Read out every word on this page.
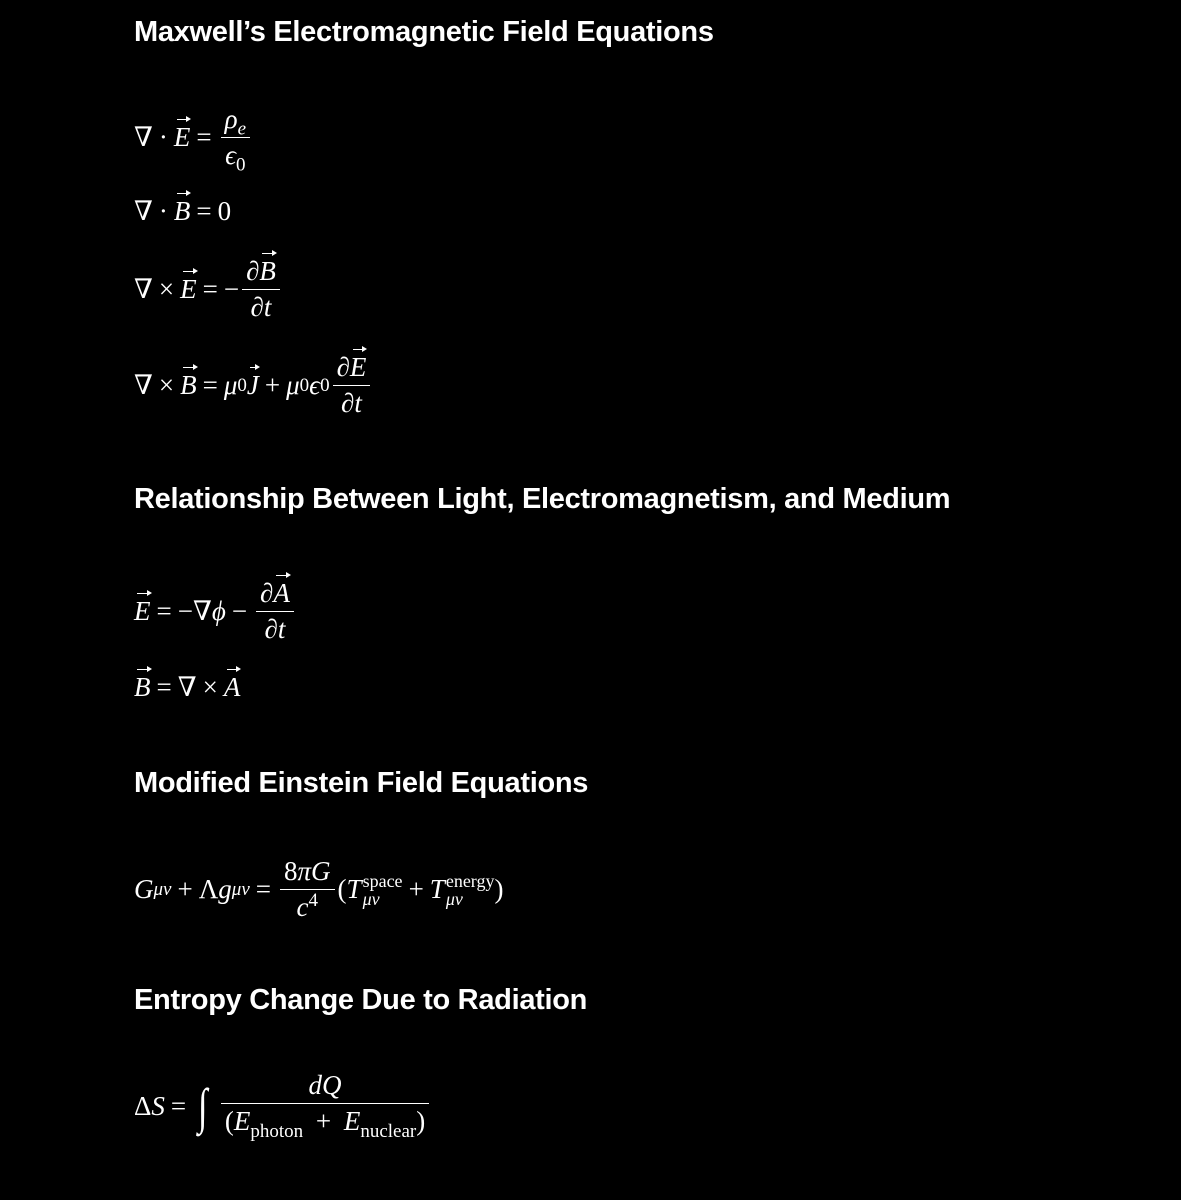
Maxwell’s Electromagnetic Field Equations
∇ · $E = \frac{\rho_e}{\epsilon_0}$
∇ · B = 0
∇ × E = − $\frac{\partial B}{\partial t}$
∇ × B = μ 0 J + μ 0 ϵ $0 \frac{\partial E}{\partial t}$
Relationship Between Light, Electromagnetism, and Medium
E = − ∇ $\phi - \frac{\partial A}{\partial t}$
B = ∇ × A
Modified Einstein Field Equations
G μν + Λ g $\mu\nu = \frac{8\pi G}{c^4}$ ( T space
μν	+ T energy
μν	)
Entropy Change Due to Radiation
Δ S = ∫ $\frac{dQ}{(E_{photon} + E_{nuclear})}$
